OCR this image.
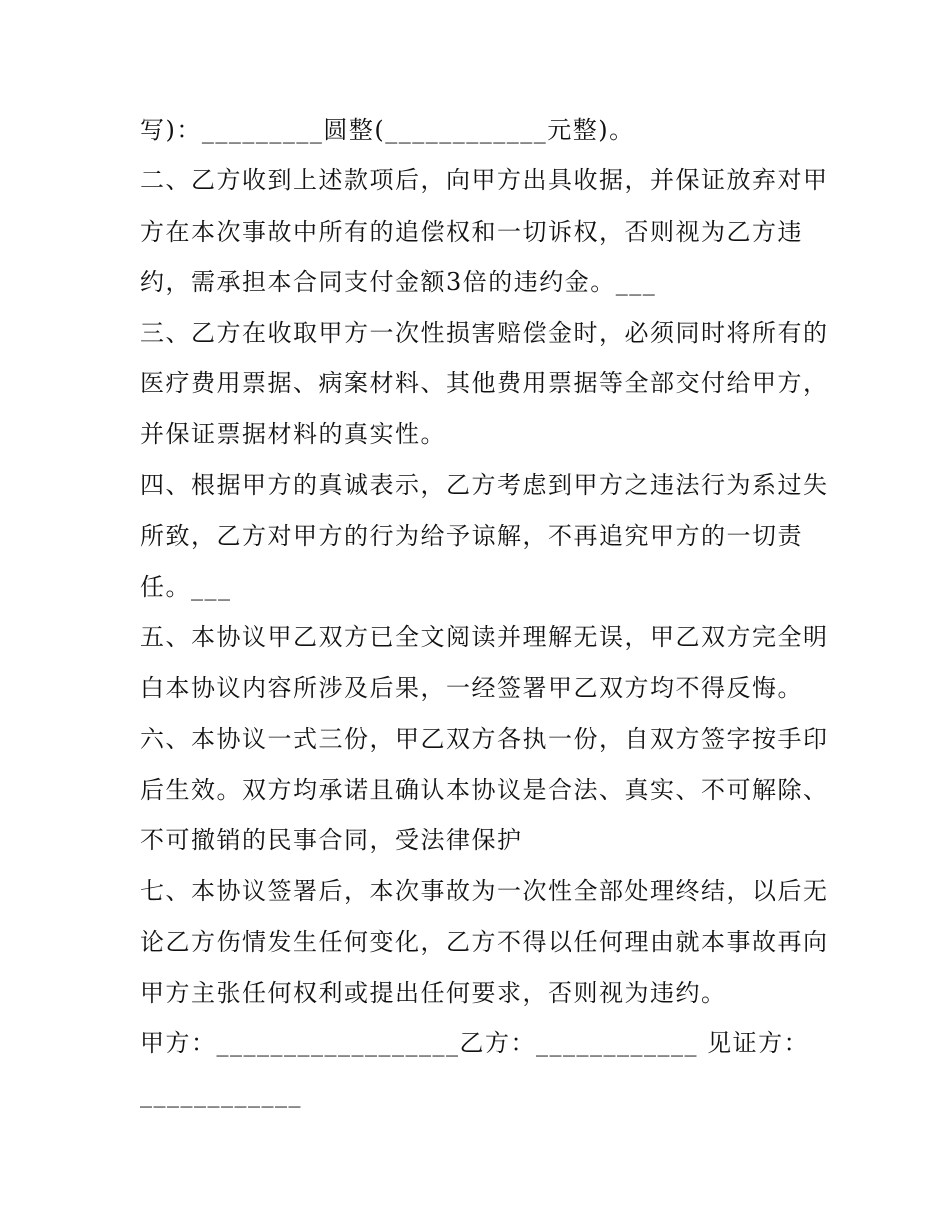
写)：_________圆整(____________元整)。
二、乙方收到上述款项后，向甲方出具收据，并保证放弃对甲
方在本次事故中所有的追偿权和一切诉权，否则视为乙方违
约，需承担本合同支付金额3倍的违约金。___
三、乙方在收取甲方一次性损害赔偿金时，必须同时将所有的
医疗费用票据、病案材料、其他费用票据等全部交付给甲方，
并保证票据材料的真实性。
四、根据甲方的真诚表示，乙方考虑到甲方之违法行为系过失
所致，乙方对甲方的行为给予谅解，不再追究甲方的一切责
任。___
五、本协议甲乙双方已全文阅读并理解无误，甲乙双方完全明
白本协议内容所涉及后果，一经签署甲乙双方均不得反悔。
六、本协议一式三份，甲乙双方各执一份，自双方签字按手印
后生效。双方均承诺且确认本协议是合法、真实、不可解除、
不可撤销的民事合同，受法律保护
七、本协议签署后，本次事故为一次性全部处理终结，以后无
论乙方伤情发生任何变化，乙方不得以任何理由就本事故再向
甲方主张任何权利或提出任何要求，否则视为违约。
甲方：__________________乙方：____________ 见证方：
____________
